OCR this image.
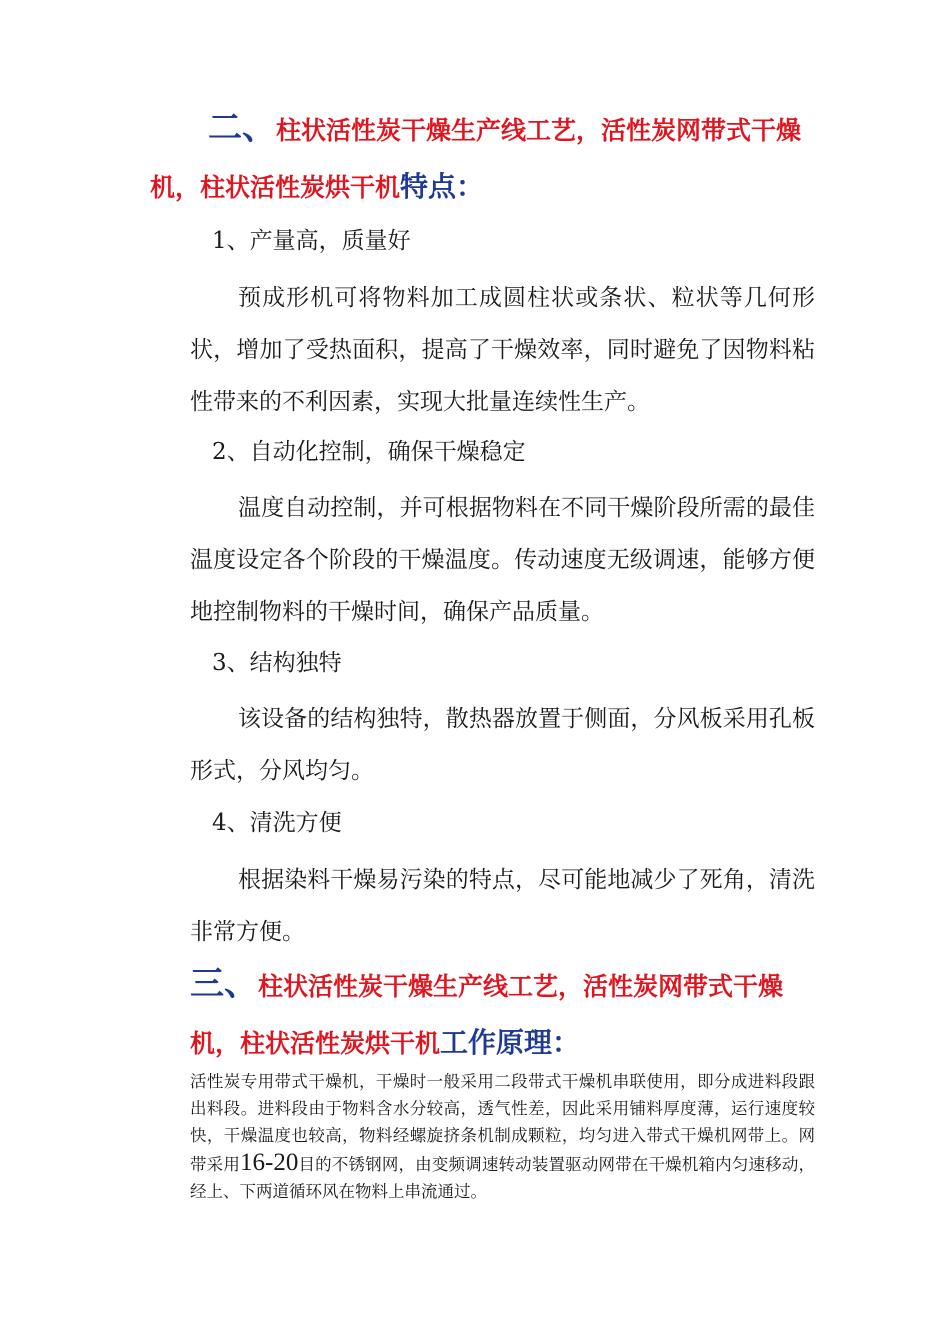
二、柱状活性炭干燥生产线工艺，活性炭网带式干燥机，柱状活性炭烘干机特点：

1、产量高，质量好

预成形机可将物料加工成圆柱状或条状、粒状等几何形状，增加了受热面积，提高了干燥效率，同时避免了因物料粘性带来的不利因素，实现大批量连续性生产。

2、自动化控制，确保干燥稳定

温度自动控制，并可根据物料在不同干燥阶段所需的最佳温度设定各个阶段的干燥温度。传动速度无级调速，能够方便地控制物料的干燥时间，确保产品质量。

3、结构独特

该设备的结构独特，散热器放置于侧面，分风板采用孔板形式，分风均匀。

4、清洗方便

根据染料干燥易污染的特点，尽可能地减少了死角，清洗非常方便。

三、柱状活性炭干燥生产线工艺，活性炭网带式干燥机，柱状活性炭烘干机工作原理：

活性炭专用带式干燥机，干燥时一般采用二段带式干燥机串联使用，即分成进料段跟出料段。进料段由于物料含水分较高，透气性差，因此采用铺料厚度薄，运行速度较快，干燥温度也较高，物料经螺旋挤条机制成颗粒，均匀进入带式干燥机网带上。网带采用16-20目的不锈钢网，由变频调速转动装置驱动网带在干燥机箱内匀速移动，经上、下两道循环风在物料上串流通过。
